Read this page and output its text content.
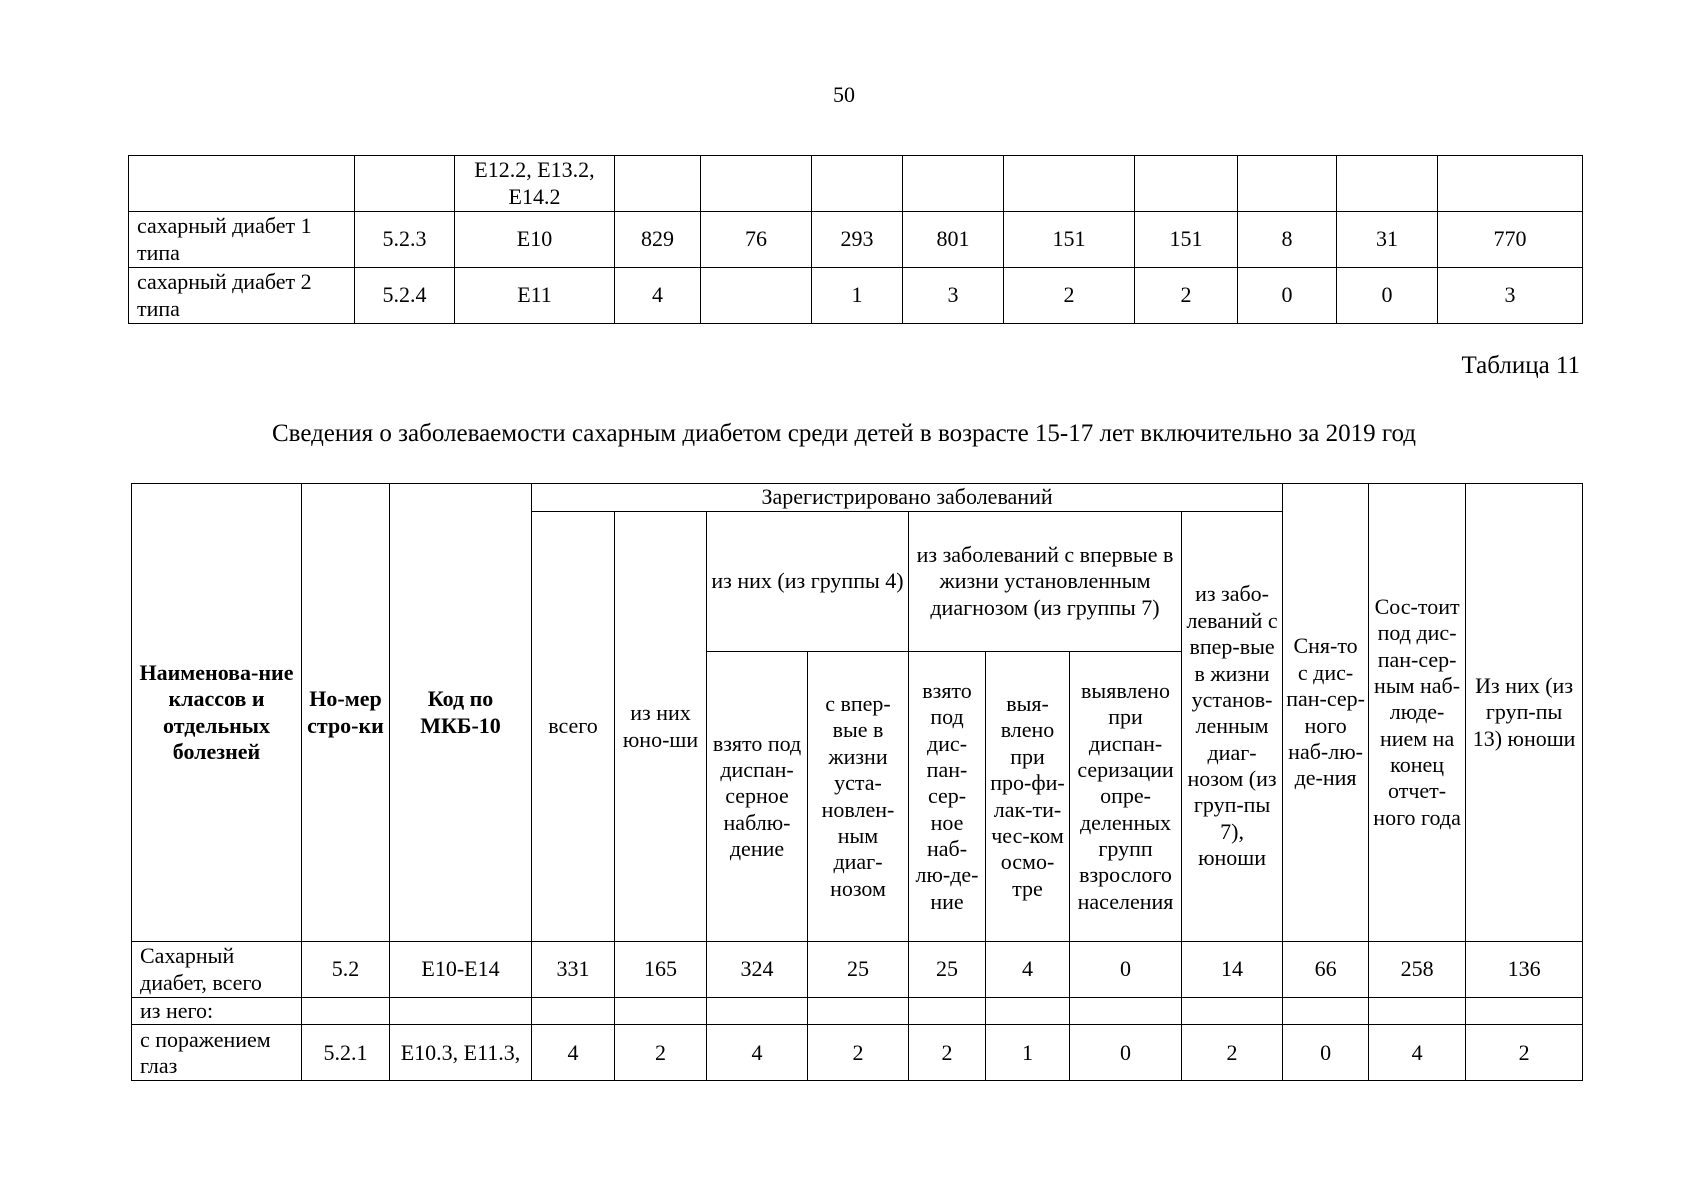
50
		E12.2, E13.2, E14.2									
сахарный диабет 1 типа	5.2.3	E10	829	76	293	801	151	151	8	31	770
сахарный диабет 2 типа	5.2.4	E11	4		1	3	2	2	0	0	3
Таблица 11
Сведения о заболеваемости сахарным диабетом среди детей в возрасте 15-17 лет включительно за 2019 год
Наименова-ние классов и отдельных болезней	Но-мер стро-ки	Код по МКБ-10	Зарегистрировано заболеваний								Сня-то с дис-пан-сер-ного наб-лю-де-ния	Сос-тоит под дис-пан-сер-ным наб-люде-нием на конец отчет-ного года	Из них (из груп-пы 13) юноши
			всего	из них юно-ши	из них (из группы 4)		из заболеваний с впервые в жизни установленным диагнозом (из группы 7)			из забо-леваний с впер-вые в жизни установ-ленным диаг-нозом (из груп-пы 7), юноши			
					взято под диспан-серное наблю-дение	с впер-вые в жизни уста-новлен-ным диаг-нозом	взято под дис-пан-сер-ное наб-лю-де-ние	выя-влено при про-фи-лак-ти-чес-ком осмо-тре	выявлено при диспан-серизации опре-деленных групп взрослого населения				

Сахарный диабет, всего	5.2	E10-E14	331	165	324	25	25	4	0	14	66	258	136
из него:													
с поражением глаз	5.2.1	E10.3, E11.3,	4	2	4	2	2	1	0	2	0	4	2
